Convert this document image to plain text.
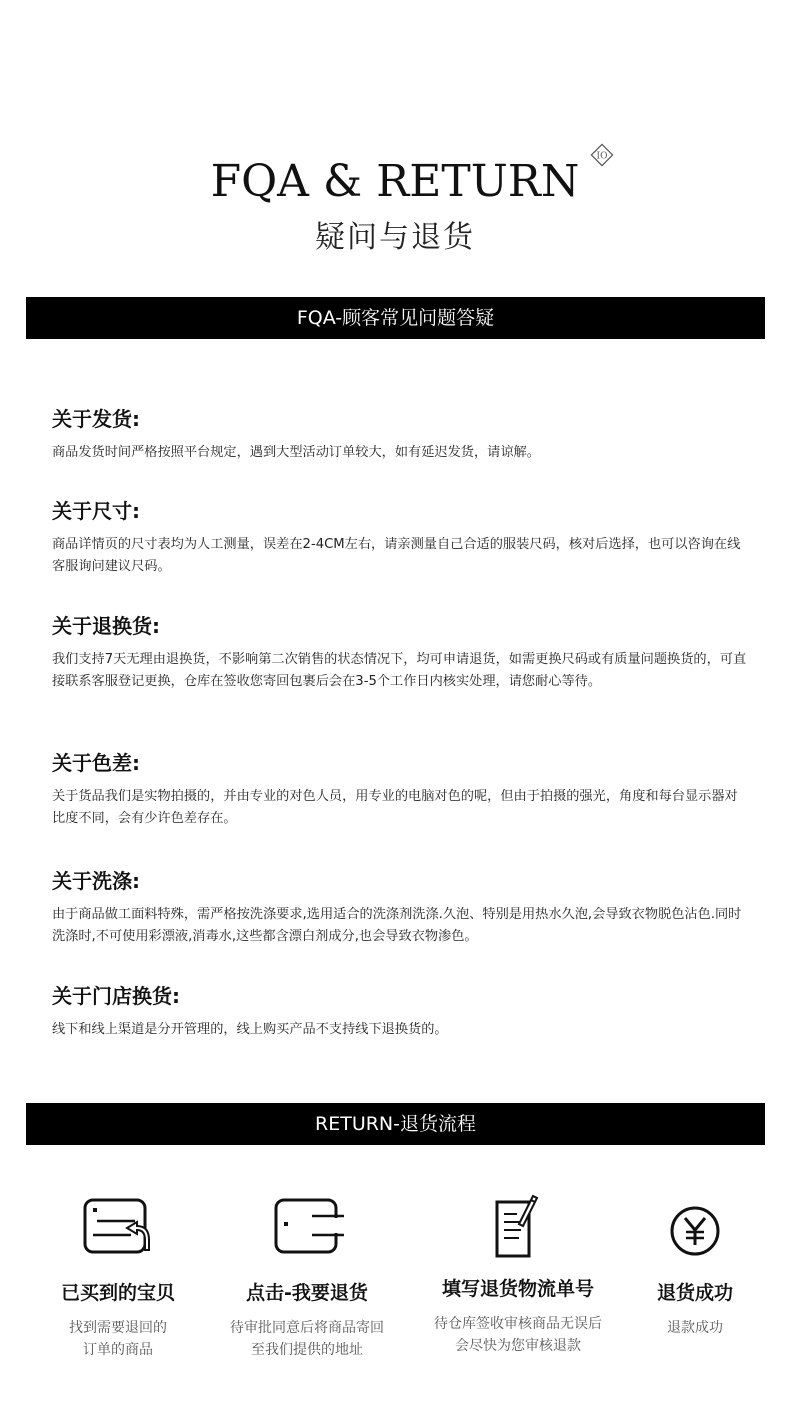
FQA & RETURN	IO
疑问与退货
FQA-顾客常见问题答疑

关于发货:

商品发货时间严格按照平台规定，遇到大型活动订单较大，如有延迟发货，请谅解。

关于尺寸:

商品详情页的尺寸表均为人工测量，误差在2-4CM左右，请亲测量自己合适的服装尺码，核对后选择，也可以咨询在线客服询问建议尺码。

关于退换货:

我们支持7天无理由退换货，不影响第二次销售的状态情况下，均可申请退货，如需更换尺码或有质量问题换货的，可直接联系客服登记更换，仓库在签收您寄回包裹后会在3-5个工作日内核实处理，请您耐心等待。

关于色差:

关于货品我们是实物拍摄的，并由专业的对色人员，用专业的电脑对色的呢，但由于拍摄的强光，角度和每台显示器对比度不同，会有少许色差存在。

关于洗涤:

由于商品做工面料特殊，需严格按洗涤要求,选用适合的洗涤剂洗涤.久泡、特别是用热水久泡,会导致衣物脱色沾色.同时洗涤时,不可使用彩漂液,消毒水,这些都含漂白剂成分,也会导致衣物渗色。

关于门店换货:

线下和线上渠道是分开管理的，线上购买产品不支持线下退换货的。

RETURN-退货流程
已买到的宝贝
找到需要退回的
订单的商品
点击-我要退货
待审批同意后将商品寄回
至我们提供的地址
填写退货物流单号
待仓库签收审核商品无误后
会尽快为您审核退款
退货成功
退款成功
